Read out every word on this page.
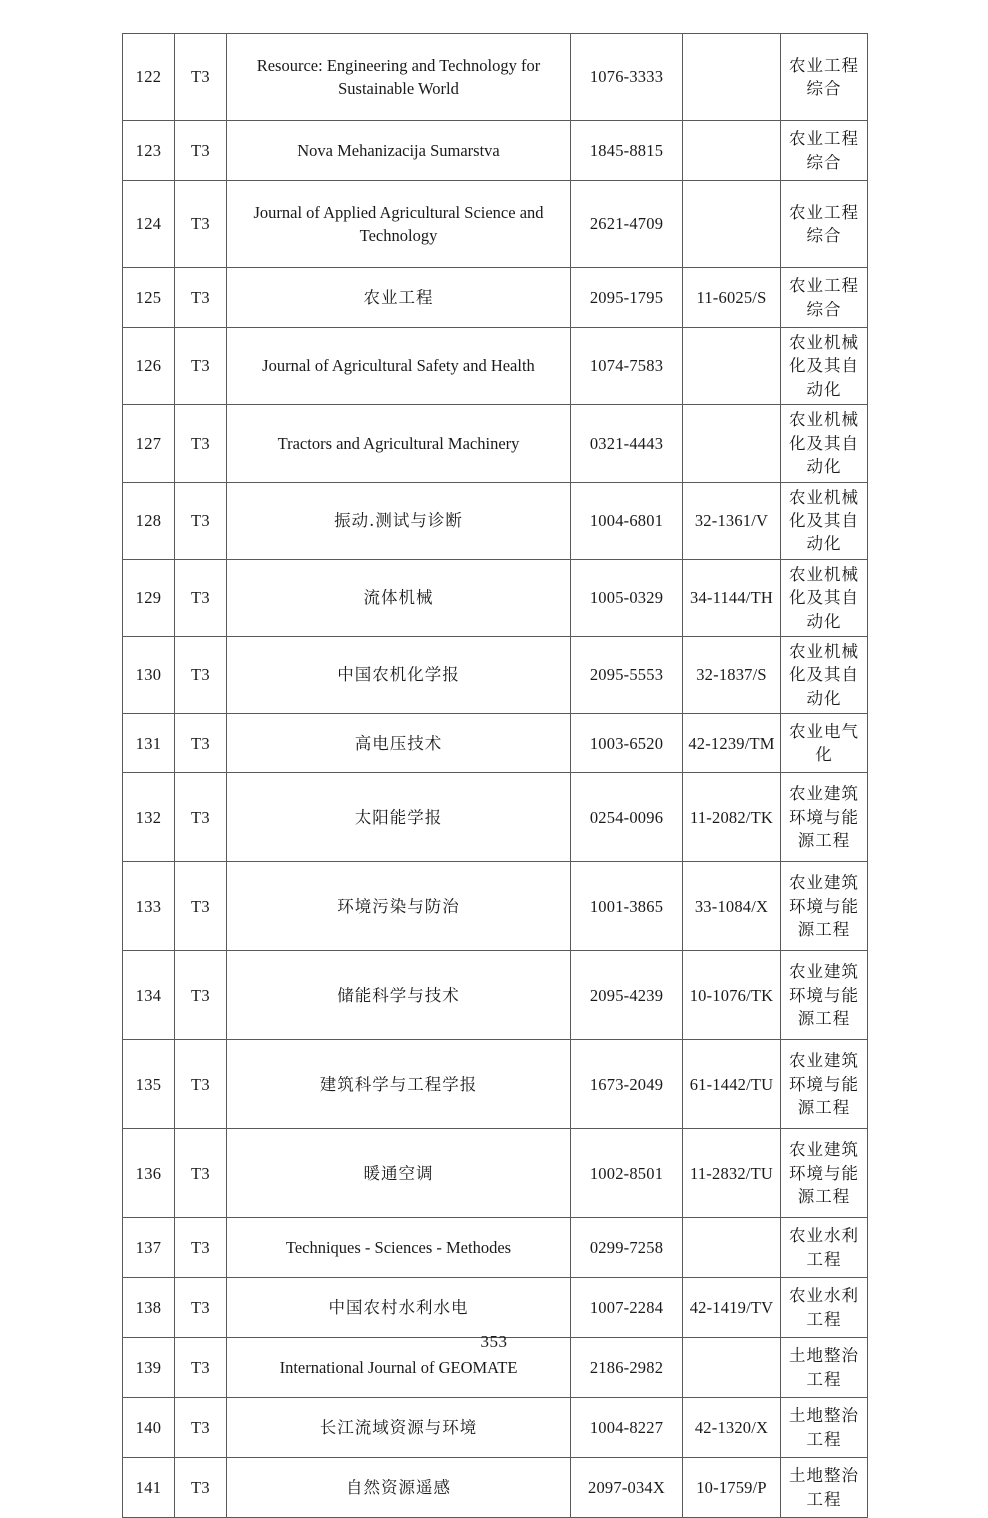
122	T3	Resource: Engineering and Technology for Sustainable World	1076-3333		农业工程综合
123	T3	Nova Mehanizacija Sumarstva	1845-8815		农业工程综合
124	T3	Journal of Applied Agricultural Science and Technology	2621-4709		农业工程综合
125	T3	农业工程	2095-1795	11-6025/S	农业工程综合
126	T3	Journal of Agricultural Safety and Health	1074-7583		农业机械化及其自动化
127	T3	Tractors and Agricultural Machinery	0321-4443		农业机械化及其自动化
128	T3	振动.测试与诊断	1004-6801	32-1361/V	农业机械化及其自动化
129	T3	流体机械	1005-0329	34-1144/TH	农业机械化及其自动化
130	T3	中国农机化学报	2095-5553	32-1837/S	农业机械化及其自动化
131	T3	高电压技术	1003-6520	42-1239/TM	农业电气化
132	T3	太阳能学报	0254-0096	11-2082/TK	农业建筑环境与能源工程
133	T3	环境污染与防治	1001-3865	33-1084/X	农业建筑环境与能源工程
134	T3	储能科学与技术	2095-4239	10-1076/TK	农业建筑环境与能源工程
135	T3	建筑科学与工程学报	1673-2049	61-1442/TU	农业建筑环境与能源工程
136	T3	暖通空调	1002-8501	11-2832/TU	农业建筑环境与能源工程
137	T3	Techniques - Sciences - Methodes	0299-7258		农业水利工程
138	T3	中国农村水利水电	1007-2284	42-1419/TV	农业水利工程
139	T3	International Journal of GEOMATE	2186-2982		土地整治工程
140	T3	长江流域资源与环境	1004-8227	42-1320/X	土地整治工程
141	T3	自然资源遥感	2097-034X	10-1759/P	土地整治工程
353
